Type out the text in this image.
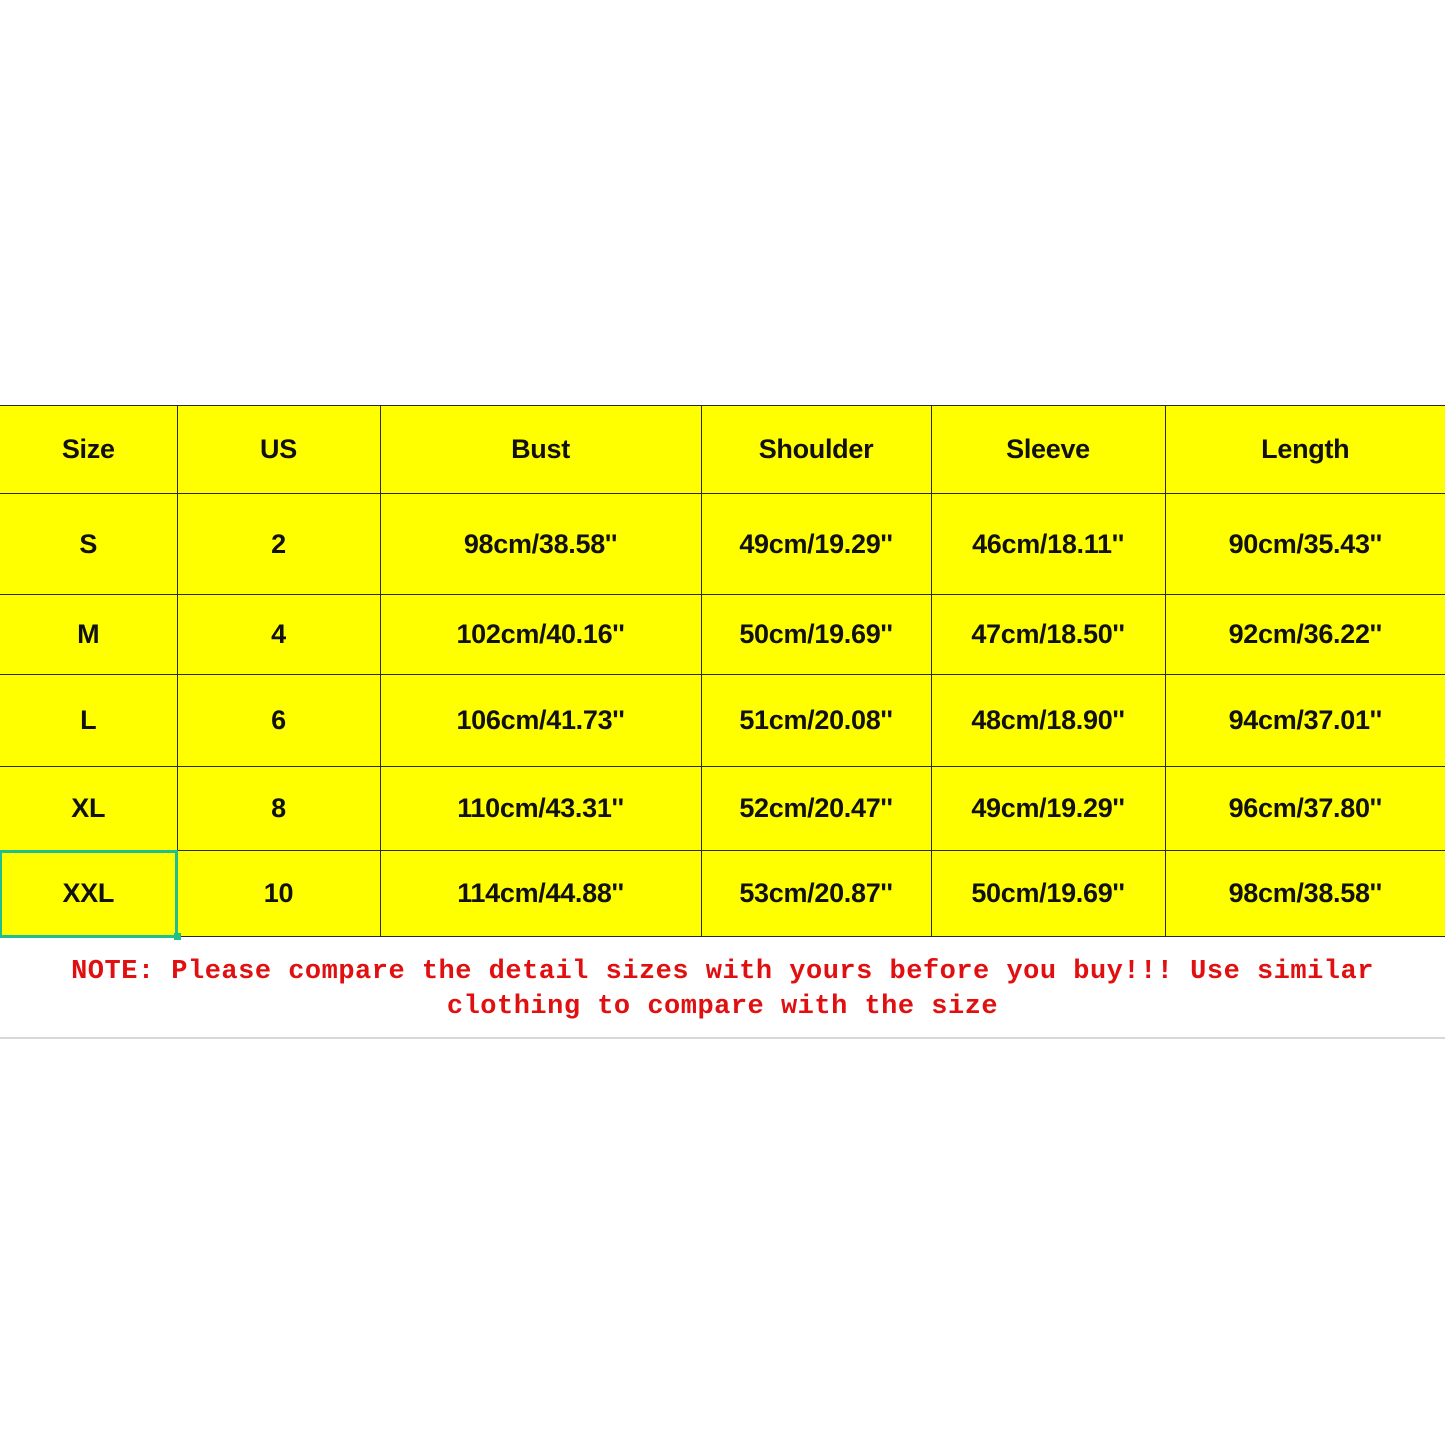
Size	US	Bust	Shoulder	Sleeve	Length
S	2	98cm/38.58''	49cm/19.29''	46cm/18.11''	90cm/35.43''
M	4	102cm/40.16''	50cm/19.69''	47cm/18.50''	92cm/36.22''
L	6	106cm/41.73''	51cm/20.08''	48cm/18.90''	94cm/37.01''
XL	8	110cm/43.31''	52cm/20.47''	49cm/19.29''	96cm/37.80''
XXL	10	114cm/44.88''	53cm/20.87''	50cm/19.69''	98cm/38.58''
NOTE: Please compare the detail sizes with yours before you buy!!! Use similar
clothing to compare with the size
